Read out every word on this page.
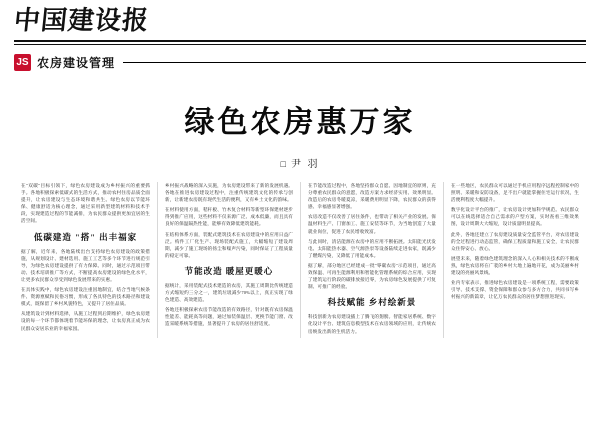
中国建设报
JS 农房建设管理
绿色农房惠万家
□ 尹 羽

在"双碳"目标引领下，绿色农房建设成为乡村振兴的重要抓手。各地积极探索低碳式的生活方式，推动农村住房品质全面提升，让农房建设与生态环境和谐共生。绿色农房以节能环保、健康舒适为核心理念，通过采用新型建筑材料和技术手段，实现建造过程的节能减排，为农民群众提供更加宜居的生活空间。

低碳建造 "搭" 出丰福家

据了解，近年来，各地陆续出台支持绿色农房建设的政策措施，从规划设计、建材选用、施工工艺等多个环节进行规范引导，为绿色农房建设提供了有力保障。同时，通过示范项目带动、技术培训推广等方式，不断提高农房建设的绿色化水平，让更多农民群众享受到绿色发展带来的实惠。

在具体实践中，绿色农房建设注重因地制宜，结合当地气候条件、资源禀赋和民俗习惯，形成了各具特色的技术路径和建设模式，既保留了乡村风貌特色，又提升了居住品质。

从建筑设计到材料选择，从施工过程到后期维护，绿色农房建设的每一个环节都体现着节能环保的理念，让农房真正成为农民群众安居乐业的幸福家园。

乡村振兴战略的深入实施，为农房建设带来了新的发展机遇。各地在推进农房建设过程中，注重传统建筑文化的传承与创新，让新建农房既有现代生活的便利，又有乡土文化的韵味。

在材料使用方面，秸秆板、竹木复合材料等新型环保建材逐步得到推广应用，这些材料不仅来源广泛、成本低廉，而且具有良好的保温隔热性能，能够有效降低建筑能耗。

在结构体系方面，装配式建筑技术在农房建设中的应用日益广泛。构件工厂化生产、现场装配式施工，大幅缩短了建设周期，减少了施工现场的扬尘和噪声污染，同时保证了工程质量的稳定可靠。

节能改造 暖屋更暖心

据统计，采用装配式技术建造的农房，其施工周期比传统建造方式缩短约三分之一，建筑垃圾减少70%以上，真正实现了绿色建造、高效建造。

各地还积极探索农房节能改造的有效路径，针对既有农房保温性能差、能耗高等问题，通过加装保温层、更换节能门窗、改造采暖系统等措施，显著提升了农房的居住舒适度。

在节能改造过程中，各地坚持群众自愿、因地制宜的原则，充分尊重农民群众的意愿，改造方案力求经济实用、效果明显。改造后的农房冬暖夏凉，采暖费用明显下降，农民群众的获得感、幸福感显著增强。

农房改造不仅改善了居住条件，也带动了相关产业的发展。保温材料生产、门窗加工、施工安装等环节，为当地创造了大量就业岗位，促进了农民增收致富。

与此同时，清洁能源在农房中的应用不断拓展。太阳能光伏发电、太阳能热水器、空气源热泵等设备陆续走进农家，既减少了燃煤污染，又降低了用能成本。

据了解，部分地区已经建成一批"零碳农房"示范项目，通过高效保温、可再生能源利用和智能化管理系统的综合应用，实现了建筑运行阶段的碳排放接近零，为农房绿色发展提供了可复制、可推广的经验。

科技赋能 乡村绘新景

科技创新为农房建设插上了腾飞的翅膀。智能家居系统、数字化设计平台、建筑信息模型技术在农房领域的应用，让传统农房焕发出新的生机活力。

在一些地区，农民群众可以通过手机应用程序远程控制家中的照明、采暖和安防设备，足不出户就能掌握住宅运行状况，生活便利程度大幅提升。

数字化设计平台的推广，让农房设计更加科学规范。农民群众可以在线选择适合自己需求的户型方案，实时查看三维效果图，设计周期大大缩短，设计质量明显提高。

此外，各地还建立了农房建设质量安全监管平台，对农房建设的全过程进行动态监管，确保工程质量和施工安全，让农民群众住得安心、放心。

展望未来，随着绿色建筑理念的深入人心和相关技术的不断成熟，绿色农房将在广袤的乡村大地上遍地开花，成为美丽乡村建设的亮丽风景线。

业内专家表示，推进绿色农房建设是一项系统工程，需要政策引导、技术支撑、资金保障和群众参与多方合力，共同书写乡村振兴的新篇章，让亿万农民群众的居住梦想照进现实。
